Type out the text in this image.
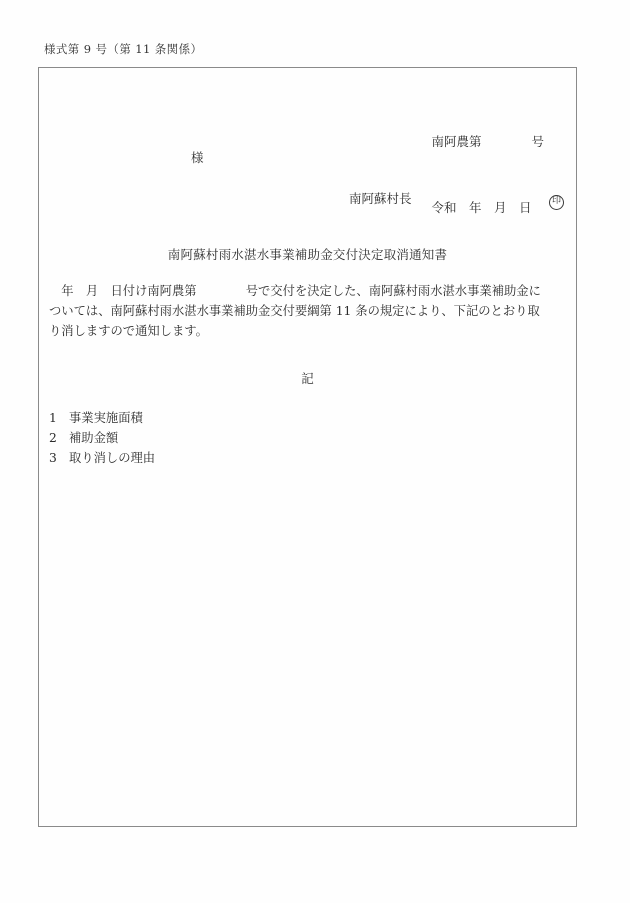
様式第 9 号（第 11 条関係）

南阿農第　　　　号

令和　年　月　日

様
南阿蘇村長	印
南阿蘇村雨水湛水事業補助金交付決定取消通知書
　年　月　日付け南阿農第　　　　号で交付を決定した、南阿蘇村雨水湛水事業補助金に
ついては、南阿蘇村雨水湛水事業補助金交付要綱第 11 条の規定により、下記のとおり取
り消しますので通知します。
記
1 事業実施面積
2 補助金額
3 取り消しの理由
